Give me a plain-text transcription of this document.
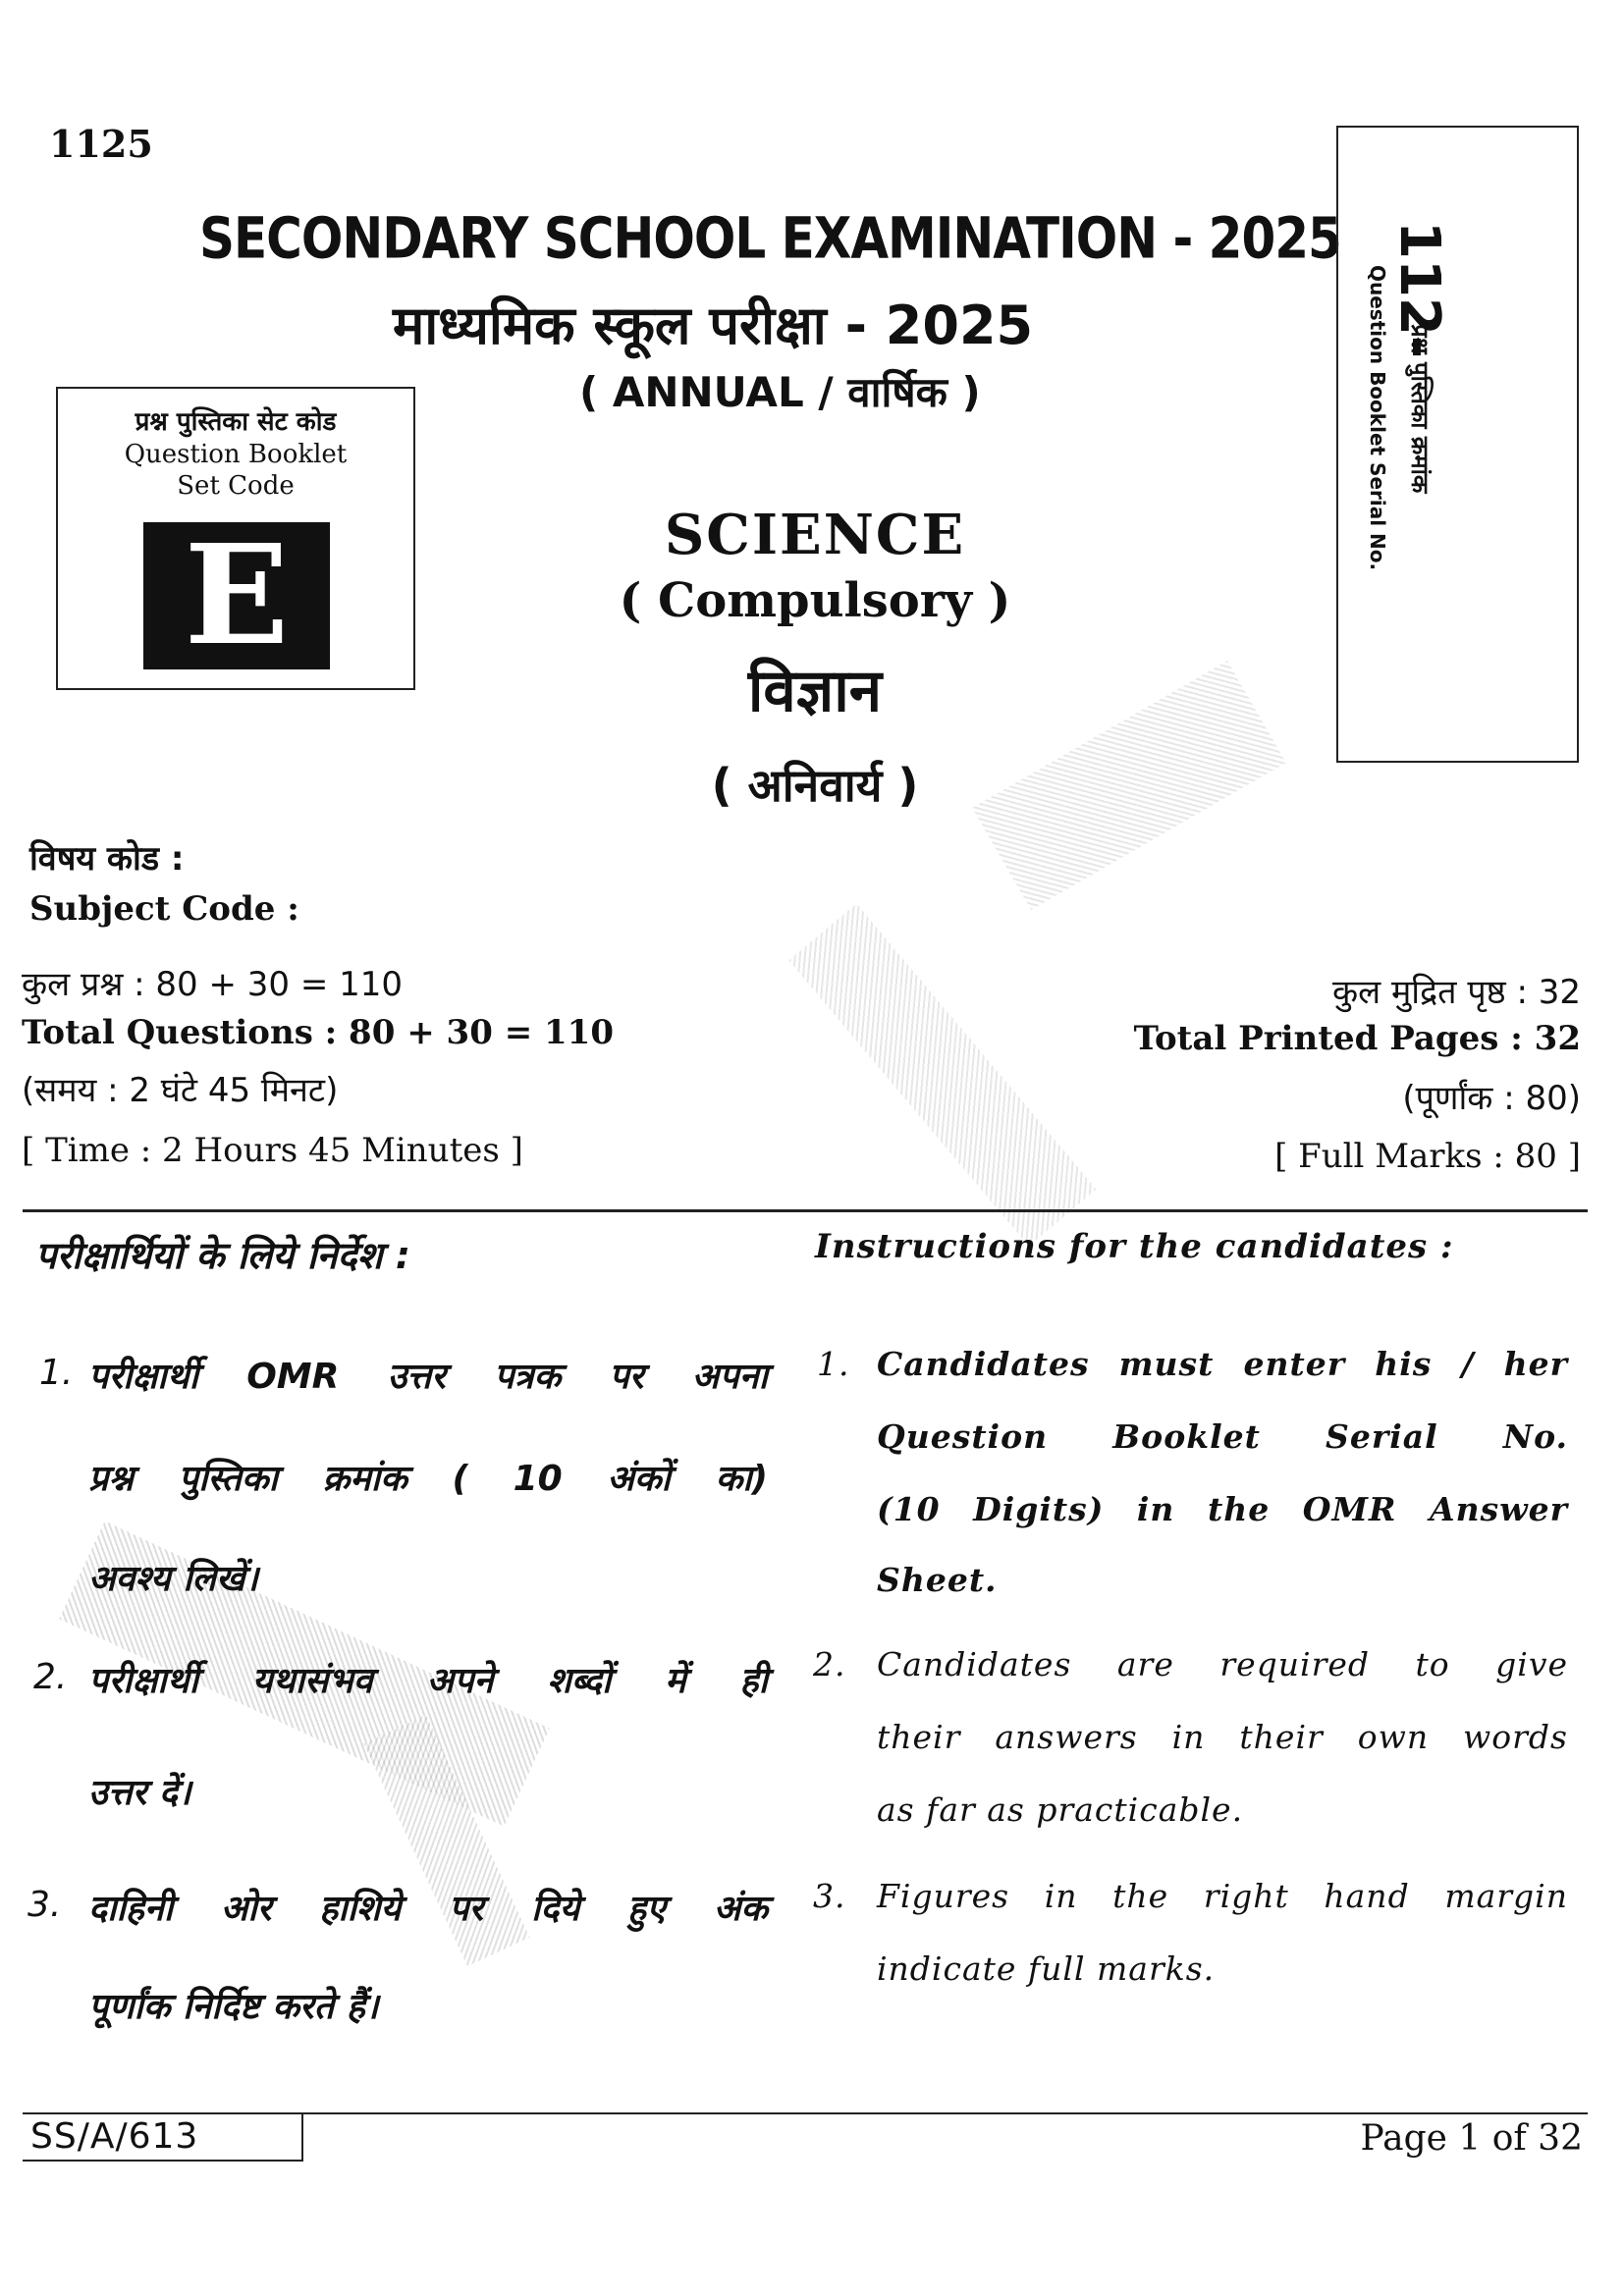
1125
SECONDARY SCHOOL EXAMINATION - 2025
माध्यमिक स्कूल परीक्षा - 2025
( ANNUAL / वार्षिक )
प्रश्न पुस्तिका सेट कोड
Question Booklet
Set Code
E
112-
प्रश्न पुस्तिका क्रमांक
Question Booklet Serial No.
SCIENCE
( Compulsory )
विज्ञान
( अनिवार्य )
विषय कोड :
Subject Code :
कुल प्रश्न : 80 + 30 = 110
Total Questions : 80 + 30 = 110
(समय : 2 घंटे 45 मिनट)
[ Time : 2 Hours 45 Minutes ]
कुल मुद्रित पृष्ठ : 32
Total Printed Pages : 32
(पूर्णांक : 80)
[ Full Marks : 80 ]
परीक्षार्थियों के लिये निर्देश :	Instructions for the candidates :
1. परीक्षार्थी OMR उत्तर पत्रक पर अपना
प्रश्न पुस्तिका क्रमांक ( 10 अंकों का)
अवश्य लिखें।
2. परीक्षार्थी यथासंभव अपने शब्दों में ही
उत्तर दें।
3. दाहिनी ओर हाशिये पर दिये हुए अंक
पूर्णांक निर्दिष्ट करते हैं।
1. Candidates must enter his / her
Question Booklet Serial No.
(10 Digits) in the OMR Answer
Sheet.
2. Candidates are required to give
their answers in their own words
as far as practicable.
3. Figures in the right hand margin
indicate full marks.
SS/A/613	Page 1 of 32
